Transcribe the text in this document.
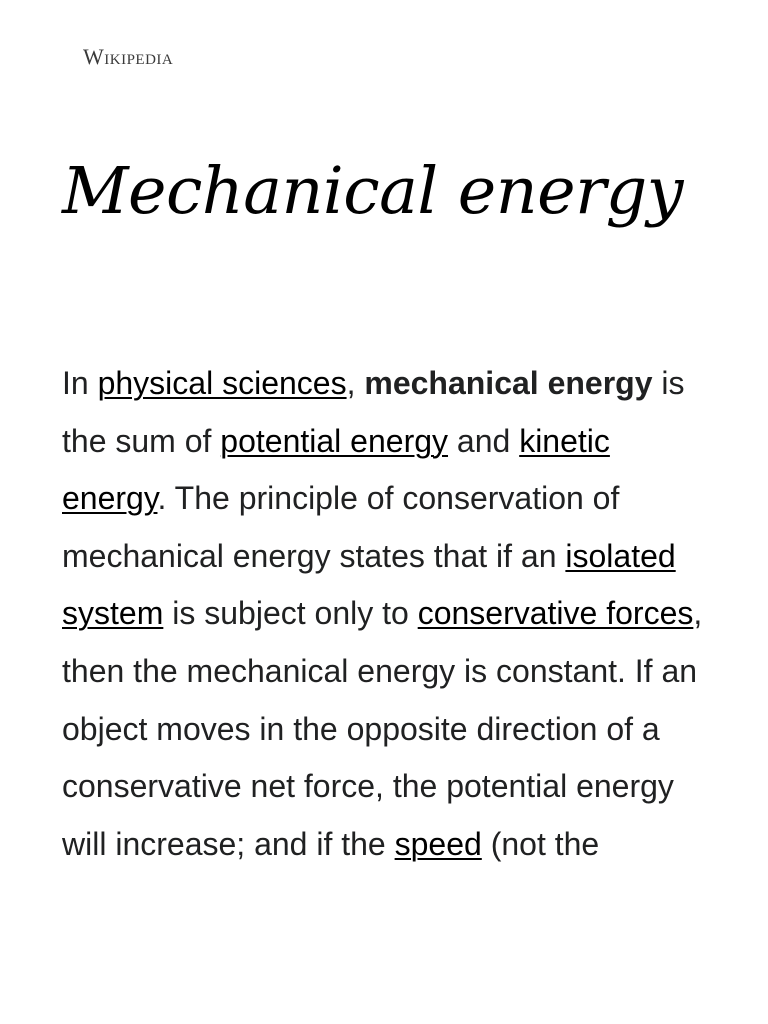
Wikipedia
Mechanical energy

In physical sciences, mechanical energy is the sum of potential energy and kinetic energy. The principle of conservation of mechanical energy states that if an isolated system is subject only to conservative forces, then the mechanical energy is constant. If an object moves in the opposite direction of a conservative net force, the potential energy will increase; and if the speed (not the
